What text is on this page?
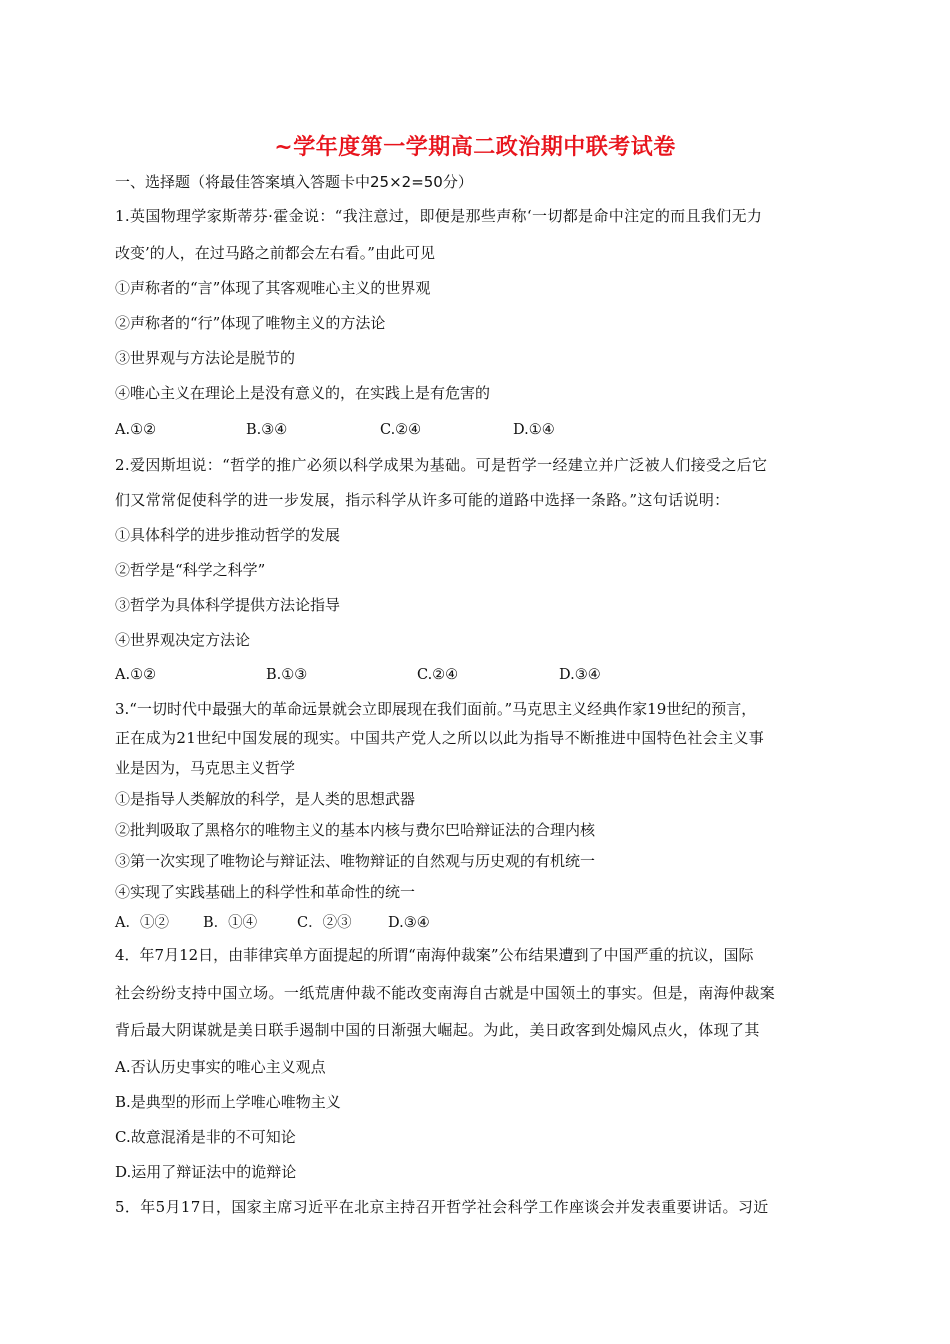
~学年度第一学期高二政治期中联考试卷
一、选择题（将最佳答案填入答题卡中25×2=50分）
1.英国物理学家斯蒂芬·霍金说：“我注意过，即便是那些声称‘一切都是命中注定的而且我们无力
改变’的人，在过马路之前都会左右看。”由此可见
①声称者的“言”体现了其客观唯心主义的世界观
②声称者的“行”体现了唯物主义的方法论
③世界观与方法论是脱节的
④唯心主义在理论上是没有意义的，在实践上是有危害的
A.①②	B.③④	C.②④	D.①④
2.爱因斯坦说：“哲学的推广必须以科学成果为基础。可是哲学一经建立并广泛被人们接受之后它
们又常常促使科学的进一步发展，指示科学从许多可能的道路中选择一条路。”这句话说明：
①具体科学的进步推动哲学的发展
②哲学是“科学之科学”
③哲学为具体科学提供方法论指导
④世界观决定方法论
A.①②	B.①③	C.②④	D.③④
3.“一切时代中最强大的革命远景就会立即展现在我们面前。”马克思主义经典作家19世纪的预言，
正在成为21世纪中国发展的现实。中国共产党人之所以以此为指导不断推进中国特色社会主义事
业是因为，马克思主义哲学
①是指导人类解放的科学，是人类的思想武器
②批判吸取了黑格尔的唯物主义的基本内核与费尔巴哈辩证法的合理内核
③第一次实现了唯物论与辩证法、唯物辩证的自然观与历史观的有机统一
④实现了实践基础上的科学性和革命性的统一
A．①② B．①④	C．②③	D.③④
4．年7月12日，由菲律宾单方面提起的所谓“南海仲裁案”公布结果遭到了中国严重的抗议，国际
社会纷纷支持中国立场。一纸荒唐仲裁不能改变南海自古就是中国领土的事实。但是，南海仲裁案
背后最大阴谋就是美日联手遏制中国的日渐强大崛起。为此，美日政客到处煽风点火，体现了其
A.否认历史事实的唯心主义观点
B.是典型的形而上学唯心唯物主义
C.故意混淆是非的不可知论
D.运用了辩证法中的诡辩论
5．年5月17日，国家主席习近平在北京主持召开哲学社会科学工作座谈会并发表重要讲话。习近
